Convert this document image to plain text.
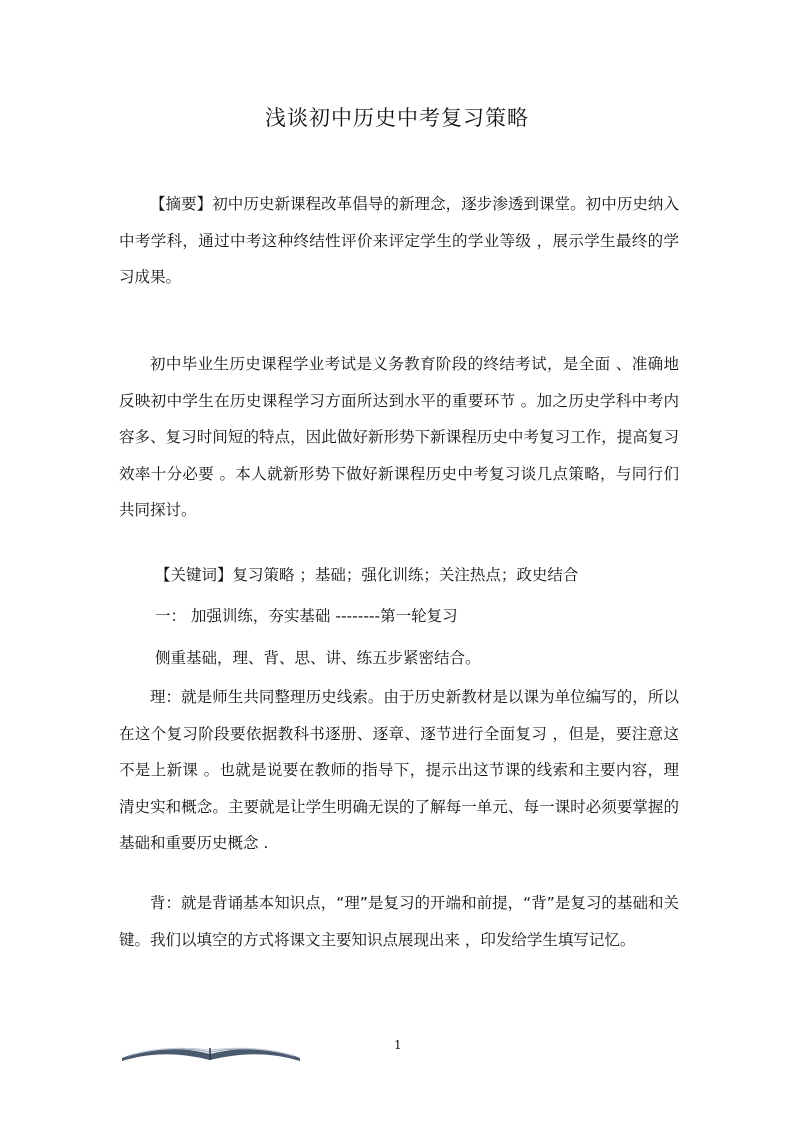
浅谈初中历史中考复习策略

【摘要】初中历史新课程改革倡导的新理念，逐步渗透到课堂。初中历史纳入中考学科，通过中考这种终结性评价来评定学生的学业等级 ，展示学生最终的学习成果。

初中毕业生历史课程学业考试是义务教育阶段的终结考试，是全面 、准确地反映初中学生在历史课程学习方面所达到水平的重要环节 。加之历史学科中考内容多、复习时间短的特点，因此做好新形势下新课程历史中考复习工作，提高复习效率十分必要 。本人就新形势下做好新课程历史中考复习谈几点策略，与同行们共同探讨。

【关键词】复习策略 ；基础；强化训练；关注热点；政史结合
一： 加强训练，夯实基础 --------第一轮复习
侧重基础，理、背、思、讲、练五步紧密结合。

理：就是师生共同整理历史线索。由于历史新教材是以课为单位编写的，所以在这个复习阶段要依据教科书逐册、逐章、逐节进行全面复习 ，但是，要注意这不是上新课 。也就是说要在教师的指导下，提示出这节课的线索和主要内容，理清史实和概念。主要就是让学生明确无误的了解每一单元、每一课时必须要掌握的基础和重要历史概念 .

背：就是背诵基本知识点，“理”是复习的开端和前提，“背”是复习的基础和关键。我们以填空的方式将课文主要知识点展现出来 ，印发给学生填写记忆。

1
